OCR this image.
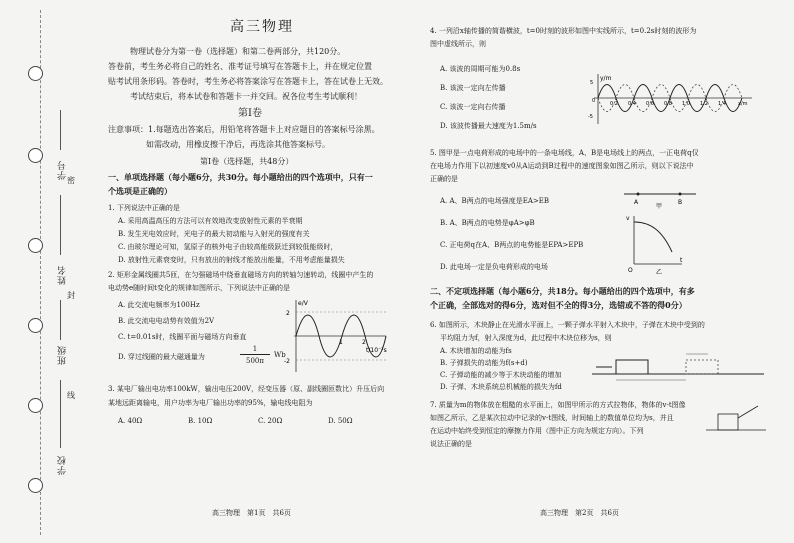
学号
姓名
班级
学校
密
封
线
高三物理
物理试卷分为第一卷（选择题）和第二卷两部分，共120分。
答卷前，考生务必将自己的姓名、准考证号填写在答题卡上，并在规定位置
贴考试用条形码。答卷时，考生务必将答案涂写在答题卡上，答在试卷上无效。
考试结束后，将本试卷和答题卡一并交回。祝各位考生考试顺利！
第Ⅰ卷
注意事项：1.每题选出答案后，用铅笔将答题卡上对应题目的答案标号涂黑。
如需改动，用橡皮擦干净后，再选涂其他答案标号。
第Ⅰ卷（选择题，共48分）
一、单项选择题（每小题6分，共30分。每小题给出的四个选项中，只有一
个选项是正确的）
1. 下列说法中正确的是
A. 采用高温高压的方法可以有效地改变放射性元素的半衰期
B. 发生光电效应时，光电子的最大初动能与入射光的强度有关
C. 由玻尔理论可知，氢原子的核外电子由较高能级跃迁到较低能级时，
D. 放射性元素衰变时，只有放出的射线才能放出能量，不用考虑能量损失
2. 矩形金属线圈共5匝，在匀强磁场中绕垂直磁场方向的转轴匀速转动，线圈中产生的
电动势e随时间t变化的规律如图所示，下列说法中正确的是
A. 此交流电频率为100Hz
B. 此交流电电动势有效值为2V
C. t=0.01s时，线圈平面与磁场方向垂直
D. 穿过线圈的最大磁通量为
1
500π
Wb
e/V
2
-2
1	2
t/10⁻²s
3. 某电厂输出电功率100kW，输出电压200V，经变压器（原、副线圈匝数比）升压后向
某地远距离输电，用户功率为电厂输出功率的95%，输电线电阻为
A. 40Ω	B. 10Ω	C. 20Ω	D. 50Ω
高三物理　第1页　共6页
4. 一列沿x轴传播的简谐横波，t=0时刻的波形如图中实线所示，t=0.2s时刻的波形为
图中虚线所示，则
A. 该波的周期可能为0.8s
B. 该波一定向左传播
C. 该波一定向右传播
D. 该波传播最大速度为1.5m/s
y/m
5
0
-5
0.2 0.4 0.6 0.8 1.0 1.2 1.4 x/m
5. 图甲是一点电荷形成的电场中的一条电场线，A、B是电场线上的两点，一正电荷q仅
在电场力作用下以初速度v0从A运动到B过程中的速度图象如图乙所示，则以下说法中
正确的是
A. A、B两点的电场强度是EA>EB
B. A、B两点的电势是φA>φB
C. 正电荷q在A、B两点的电势能是EPA>EPB
D. 此电场一定是负电荷形成的电场
A	B
甲
v
t
O	乙
二、不定项选择题（每小题6分，共18分。每小题给出的四个选项中，有多
个正确，全部选对的得6分，选对但不全的得3分，选错或不答的得0分）
6. 如图所示，木块静止在光滑水平面上，一颗子弹水平射入木块中，子弹在木块中受到的
平均阻力为f，射入深度为d，此过程中木块位移为s，则
A. 木块增加的动能为fs
B. 子弹损失的动能为f(s+d)
C. 子弹动能的减少等于木块动能的增加
D. 子弹、木块系统总机械能的损失为fd
7. 质量为m的物体放在粗糙的水平面上，如图甲所示的方式拉物体，物体的v-t图像
如图乙所示，乙是某次拉动中记录的v-t图线，时间轴上的数值单位均为s，并且
在运动中始终受到恒定的摩擦力作用（图中正方向为规定方向）。下列
说法正确的是
高三物理　第2页　共6页
